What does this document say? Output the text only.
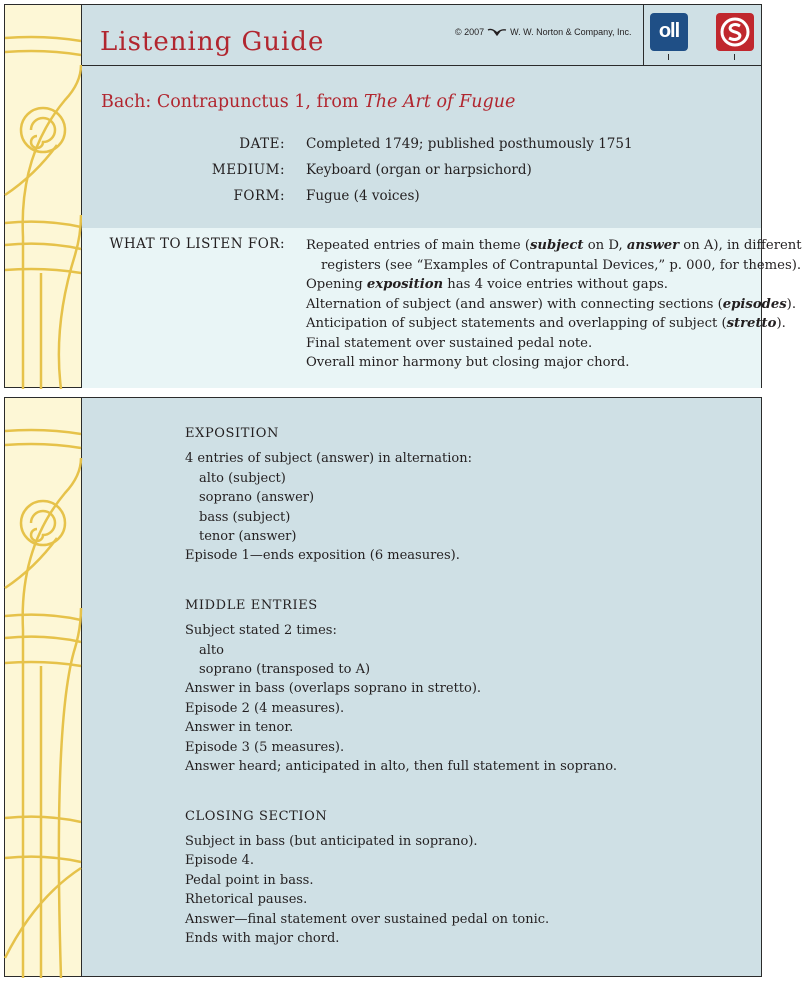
Listening Guide	© 2007	W. W. Norton & Company, Inc.	oll
Bach: Contrapunctus 1, from The Art of Fugue
DATE: Completed 1749; published posthumously 1751
MEDIUM: Keyboard (organ or harpsichord)
FORM: Fugue (4 voices)
WHAT TO LISTEN FOR: Repeated entries of main theme (subject on D, answer on A), in different
registers (see “Examples of Contrapuntal Devices,” p. 000, for themes).
Opening exposition has 4 voice entries without gaps.
Alternation of subject (and answer) with connecting sections (episodes).
Anticipation of subject statements and overlapping of subject (stretto).
Final statement over sustained pedal note.
Overall minor harmony but closing major chord.
EXPOSITION
4 entries of subject (answer) in alternation:
alto (subject)
soprano (answer)
bass (subject)
tenor (answer)
Episode 1—ends exposition (6 measures).
MIDDLE ENTRIES
Subject stated 2 times:
alto
soprano (transposed to A)
Answer in bass (overlaps soprano in stretto).
Episode 2 (4 measures).
Answer in tenor.
Episode 3 (5 measures).
Answer heard; anticipated in alto, then full statement in soprano.
CLOSING SECTION
Subject in bass (but anticipated in soprano).
Episode 4.
Pedal point in bass.
Rhetorical pauses.
Answer—final statement over sustained pedal on tonic.
Ends with major chord.
